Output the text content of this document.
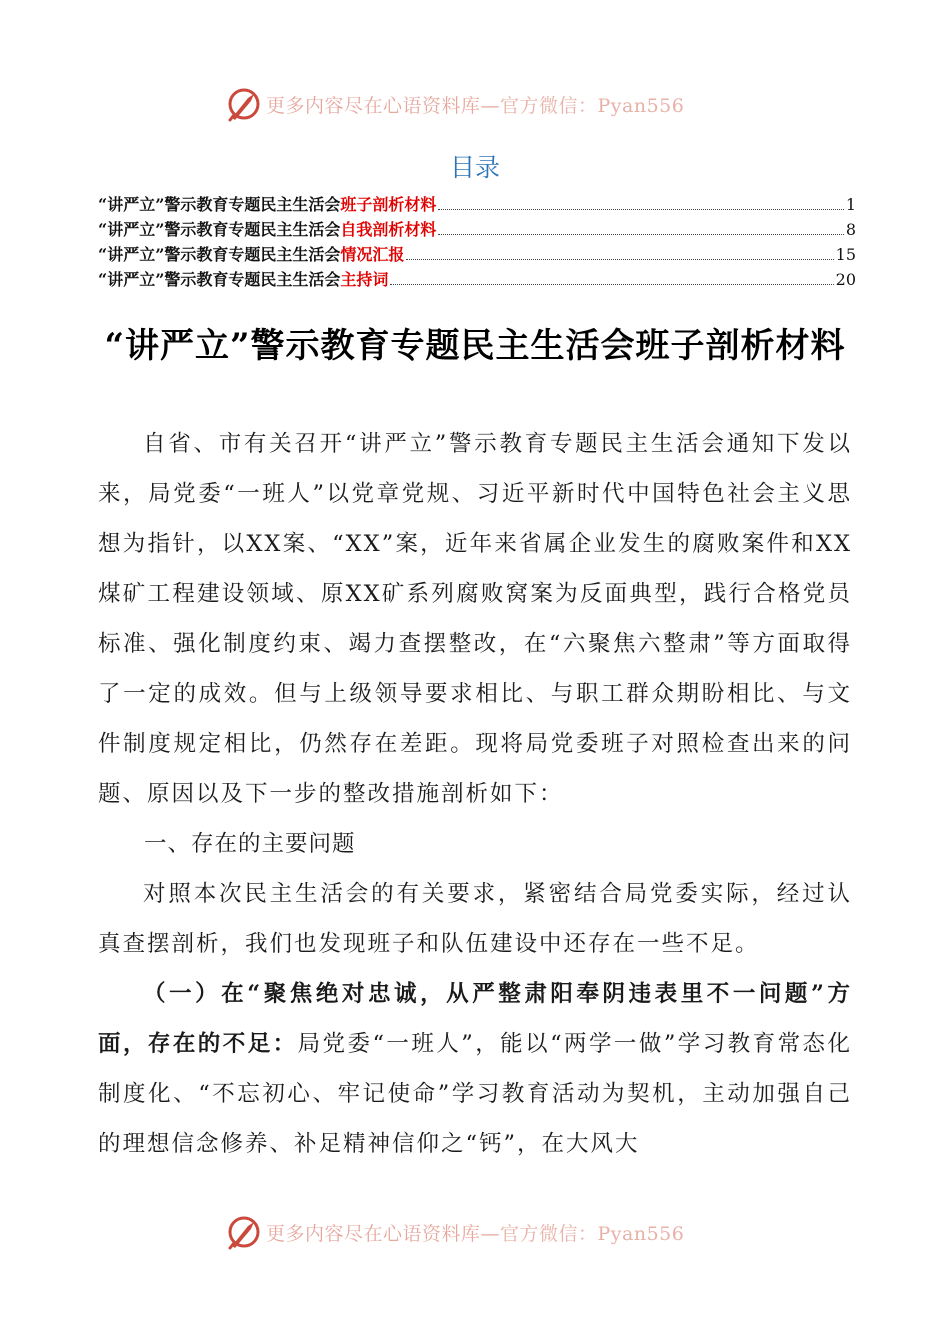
更多内容尽在心语资料库—官方微信：Pyan556
目录
“讲严立”警示教育专题民主生活会 班子剖析材料	1
“讲严立”警示教育专题民主生活会 自我剖析材料	8
“讲严立”警示教育专题民主生活会 情况汇报	15
“讲严立”警示教育专题民主生活会 主持词	20
“讲严立”警示教育专题民主生活会班子剖析材料

自省、市有关召开“讲严立”警示教育专题民主生活会通知下发以来，局党委“一班人”以党章党规、习近平新时代中国特色社会主义思想为指针，以XX案、“XX”案，近年来省属企业发生的腐败案件和XX煤矿工程建设领域、原XX矿系列腐败窝案为反面典型，践行合格党员标准、强化制度约束、竭力查摆整改，在“六聚焦六整肃”等方面取得了一定的成效。但与上级领导要求相比、与职工群众期盼相比、与文件制度规定相比，仍然存在差距。现将局党委班子对照检查出来的问题、原因以及下一步的整改措施剖析如下：

一、存在的主要问题

对照本次民主生活会的有关要求，紧密结合局党委实际，经过认真查摆剖析，我们也发现班子和队伍建设中还存在一些不足。

（一）在“聚焦绝对忠诚，从严整肃阳奉阴违表里不一问题”方面，存在的不足：局党委“一班人”，能以“两学一做”学习教育常态化制度化、“不忘初心、牢记使命”学习教育活动为契机，主动加强自己的理想信念修养、补足精神信仰之“钙”，在大风大

更多内容尽在心语资料库—官方微信：Pyan556
